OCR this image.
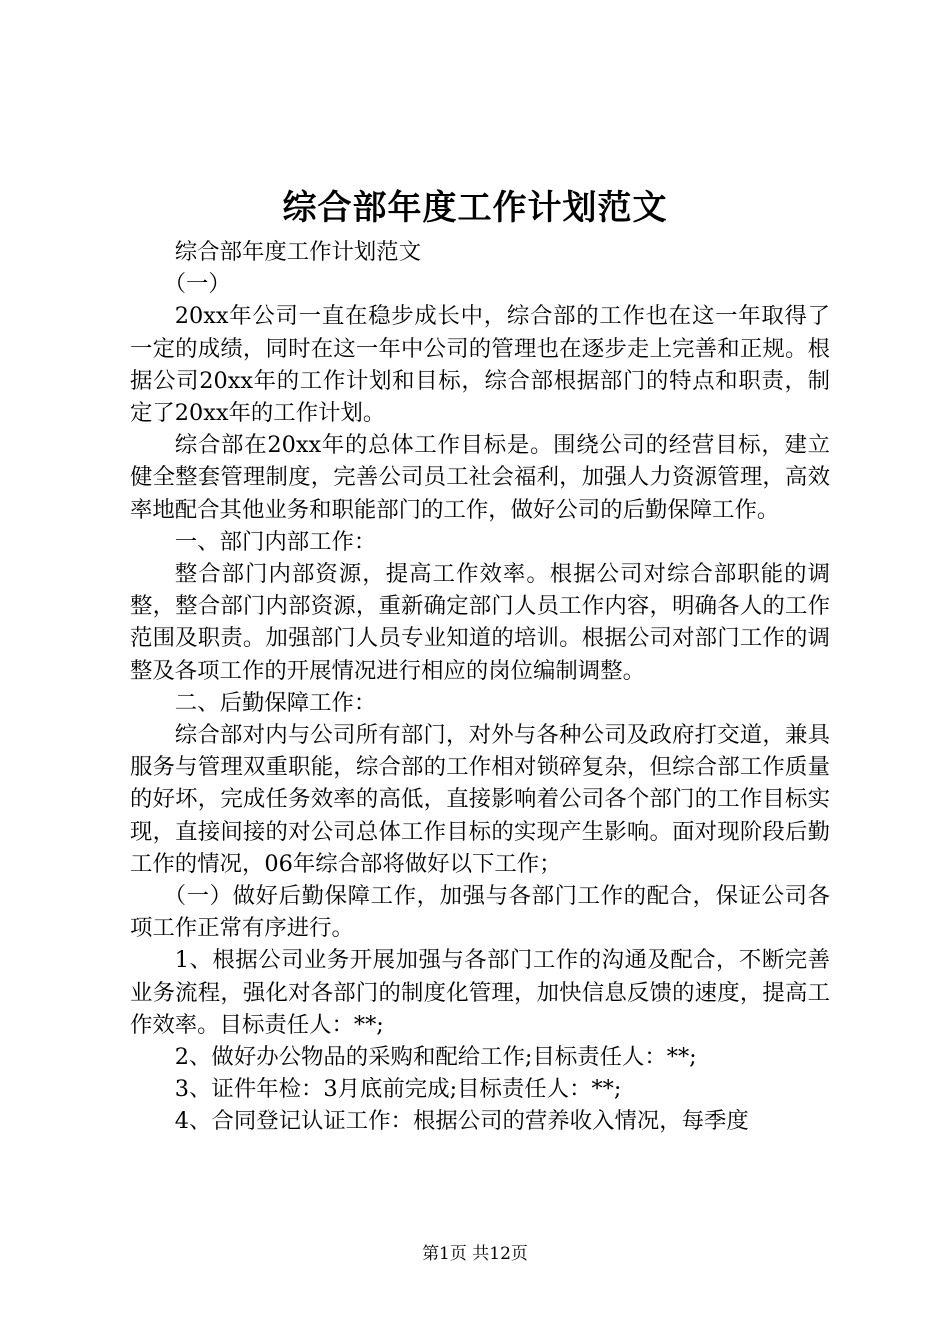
综合部年度工作计划范文

综合部年度工作计划范文

（一）

20xx年公司一直在稳步成长中，综合部的工作也在这一年取得了一定的成绩，同时在这一年中公司的管理也在逐步走上完善和正规。根据公司20xx年的工作计划和目标，综合部根据部门的特点和职责，制定了20xx年的工作计划。

综合部在20xx年的总体工作目标是。围绕公司的经营目标，建立健全整套管理制度，完善公司员工社会福利，加强人力资源管理，高效率地配合其他业务和职能部门的工作，做好公司的后勤保障工作。

一、部门内部工作：

整合部门内部资源，提高工作效率。根据公司对综合部职能的调整，整合部门内部资源，重新确定部门人员工作内容，明确各人的工作范围及职责。加强部门人员专业知道的培训。根据公司对部门工作的调整及各项工作的开展情况进行相应的岗位编制调整。

二、后勤保障工作：

综合部对内与公司所有部门，对外与各种公司及政府打交道，兼具服务与管理双重职能，综合部的工作相对锁碎复杂，但综合部工作质量的好坏，完成任务效率的高低，直接影响着公司各个部门的工作目标实现，直接间接的对公司总体工作目标的实现产生影响。面对现阶段后勤工作的情况，06年综合部将做好以下工作；

（一）做好后勤保障工作，加强与各部门工作的配合，保证公司各项工作正常有序进行。

1、根据公司业务开展加强与各部门工作的沟通及配合，不断完善业务流程，强化对各部门的制度化管理，加快信息反馈的速度，提高工作效率。目标责任人：**;

2、做好办公物品的采购和配给工作;目标责任人：**;

3、证件年检：3月底前完成;目标责任人：**;

4、合同登记认证工作：根据公司的营养收入情况，每季度

第1页 共12页
